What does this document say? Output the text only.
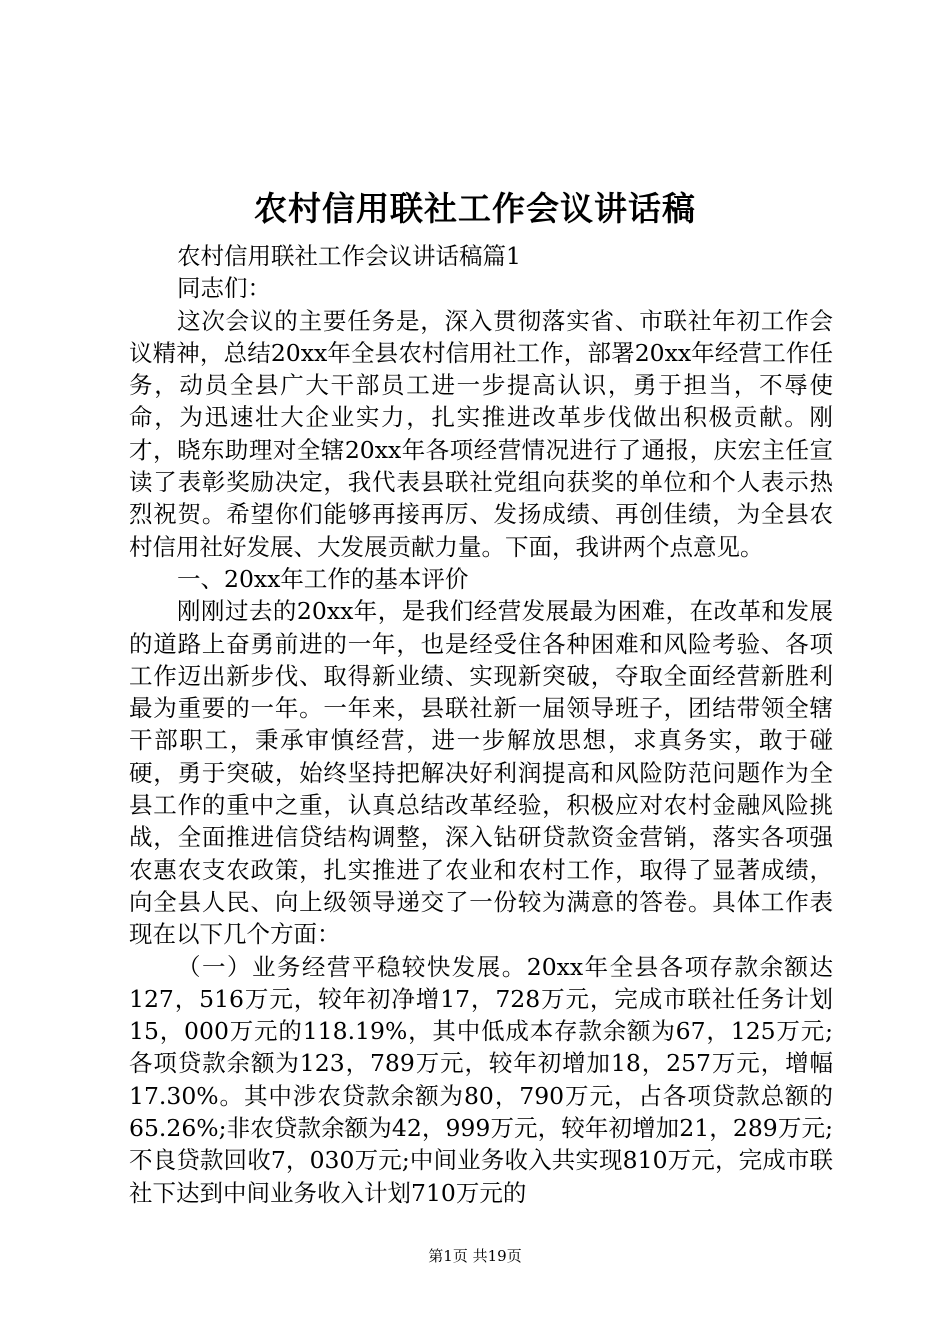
农村信用联社工作会议讲话稿

农村信用联社工作会议讲话稿篇1

同志们：

这次会议的主要任务是，深入贯彻落实省、市联社年初工作会议精神，总结20xx年全县农村信用社工作，部署20xx年经营工作任务，动员全县广大干部员工进一步提高认识，勇于担当，不辱使命，为迅速壮大企业实力，扎实推进改革步伐做出积极贡献。刚才，晓东助理对全辖20xx年各项经营情况进行了通报，庆宏主任宣读了表彰奖励决定，我代表县联社党组向获奖的单位和个人表示热烈祝贺。希望你们能够再接再厉、发扬成绩、再创佳绩，为全县农村信用社好发展、大发展贡献力量。下面，我讲两个点意见。

一、20xx年工作的基本评价

刚刚过去的20xx年，是我们经营发展最为困难，在改革和发展的道路上奋勇前进的一年，也是经受住各种困难和风险考验、各项工作迈出新步伐、取得新业绩、实现新突破，夺取全面经营新胜利最为重要的一年。一年来，县联社新一届领导班子，团结带领全辖干部职工，秉承审慎经营，进一步解放思想，求真务实，敢于碰硬，勇于突破，始终坚持把解决好利润提高和风险防范问题作为全县工作的重中之重，认真总结改革经验，积极应对农村金融风险挑战，全面推进信贷结构调整，深入钻研贷款资金营销，落实各项强农惠农支农政策，扎实推进了农业和农村工作，取得了显著成绩，向全县人民、向上级领导递交了一份较为满意的答卷。具体工作表现在以下几个方面：

（一）业务经营平稳较快发展。20xx年全县各项存款余额达127，516万元，较年初净增17，728万元，完成市联社任务计划15，000万元的118.19%，其中低成本存款余额为67，125万元;各项贷款余额为123，789万元，较年初增加18，257万元，增幅17.30%。其中涉农贷款余额为80，790万元，占各项贷款总额的65.26%;非农贷款余额为42，999万元，较年初增加21，289万元;不良贷款回收7，030万元;中间业务收入共实现810万元，完成市联社下达到中间业务收入计划710万元的

第1页 共19页
